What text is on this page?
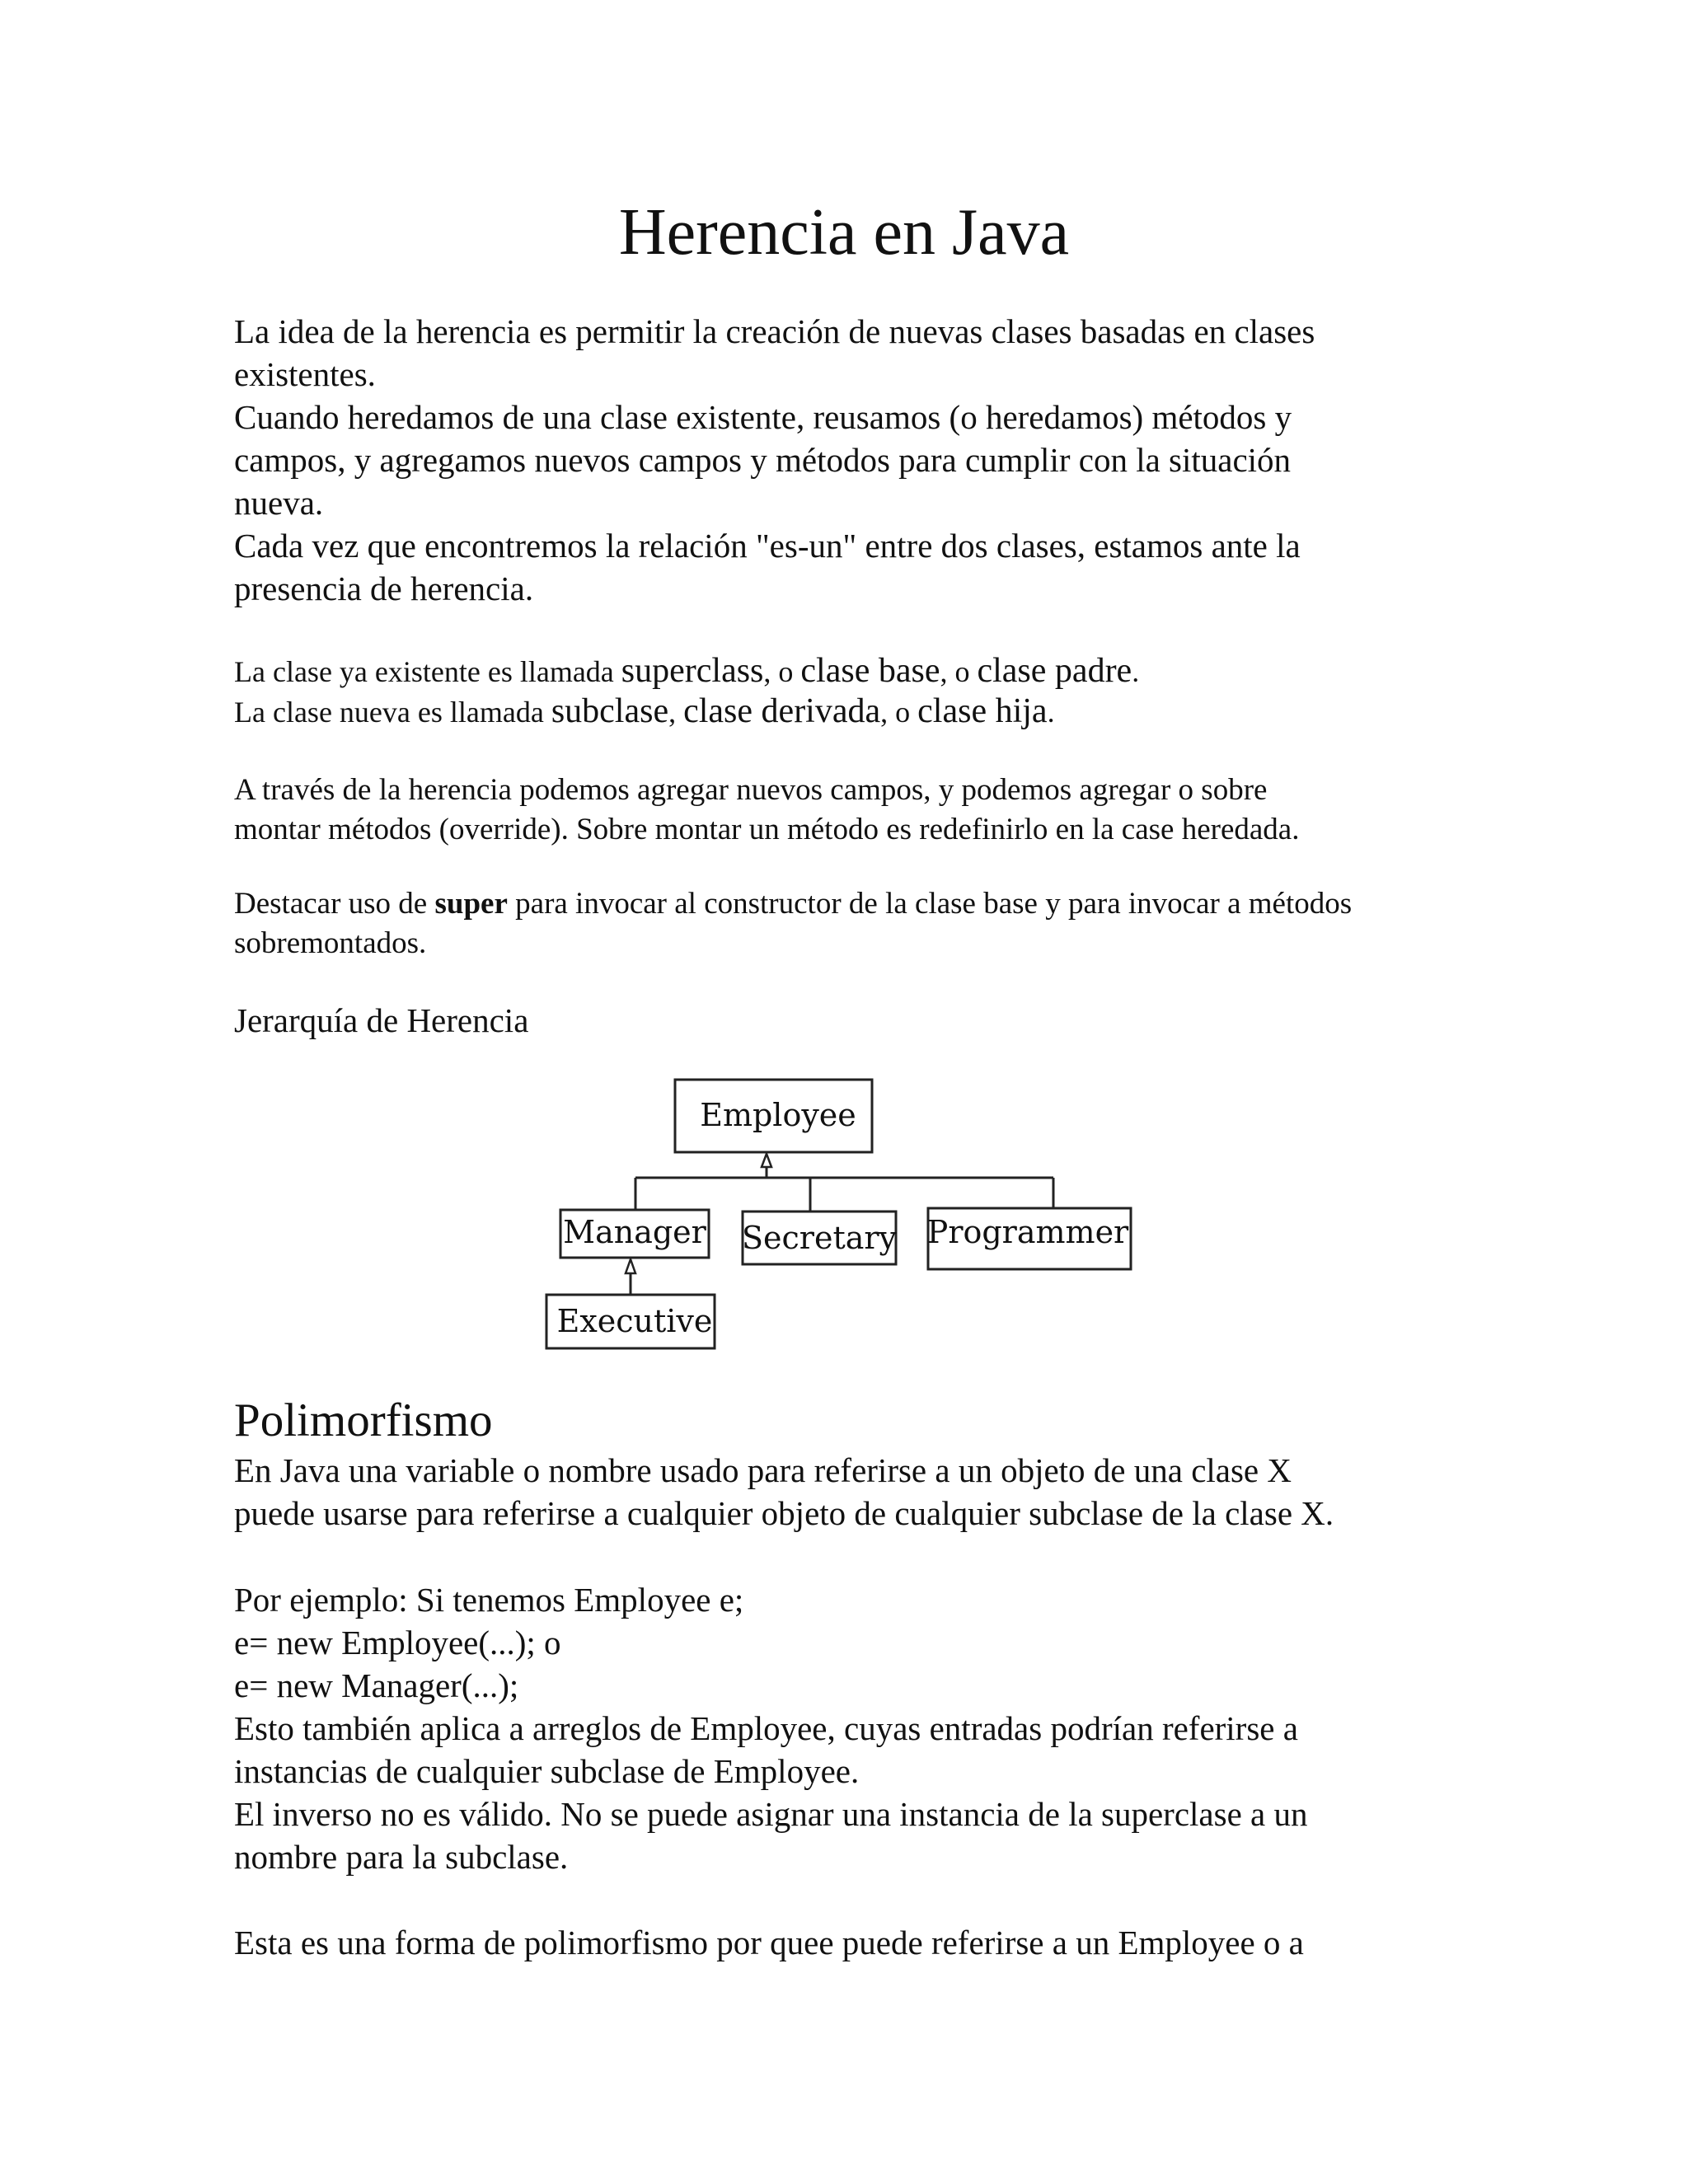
Herencia en Java
La idea de la herencia es permitir la creación de nuevas clases basadas en clases
existentes.
Cuando heredamos de una clase existente, reusamos (o heredamos) métodos y
campos, y agregamos nuevos campos y métodos para cumplir con la situación
nueva.
Cada vez que encontremos la relación "es-un" entre dos clases, estamos ante la
presencia de herencia.
La clase ya existente es llamada superclass, o clase base, o clase padre.
La clase nueva es llamada subclase, clase derivada, o clase hija.
A través de la herencia podemos agregar nuevos campos, y podemos agregar o sobre
montar métodos (override). Sobre montar un método es redefinirlo en la case heredada.
Destacar uso de super para invocar al constructor de la clase base y para invocar a métodos
sobremontados.
Jerarquía de Herencia
Employee
Manager Secretary Programmer
Executive
Polimorfismo
En Java una variable o nombre usado para referirse a un objeto de una clase X
puede usarse para referirse a cualquier objeto de cualquier subclase de la clase X.
Por ejemplo: Si tenemos Employee e;
e= new Employee(...); o
e= new Manager(...);
Esto también aplica a arreglos de Employee, cuyas entradas podrían referirse a
instancias de cualquier subclase de Employee.
El inverso no es válido. No se puede asignar una instancia de la superclase a un
nombre para la subclase.
Esta es una forma de polimorfismo por quee puede referirse a un Employee o a
